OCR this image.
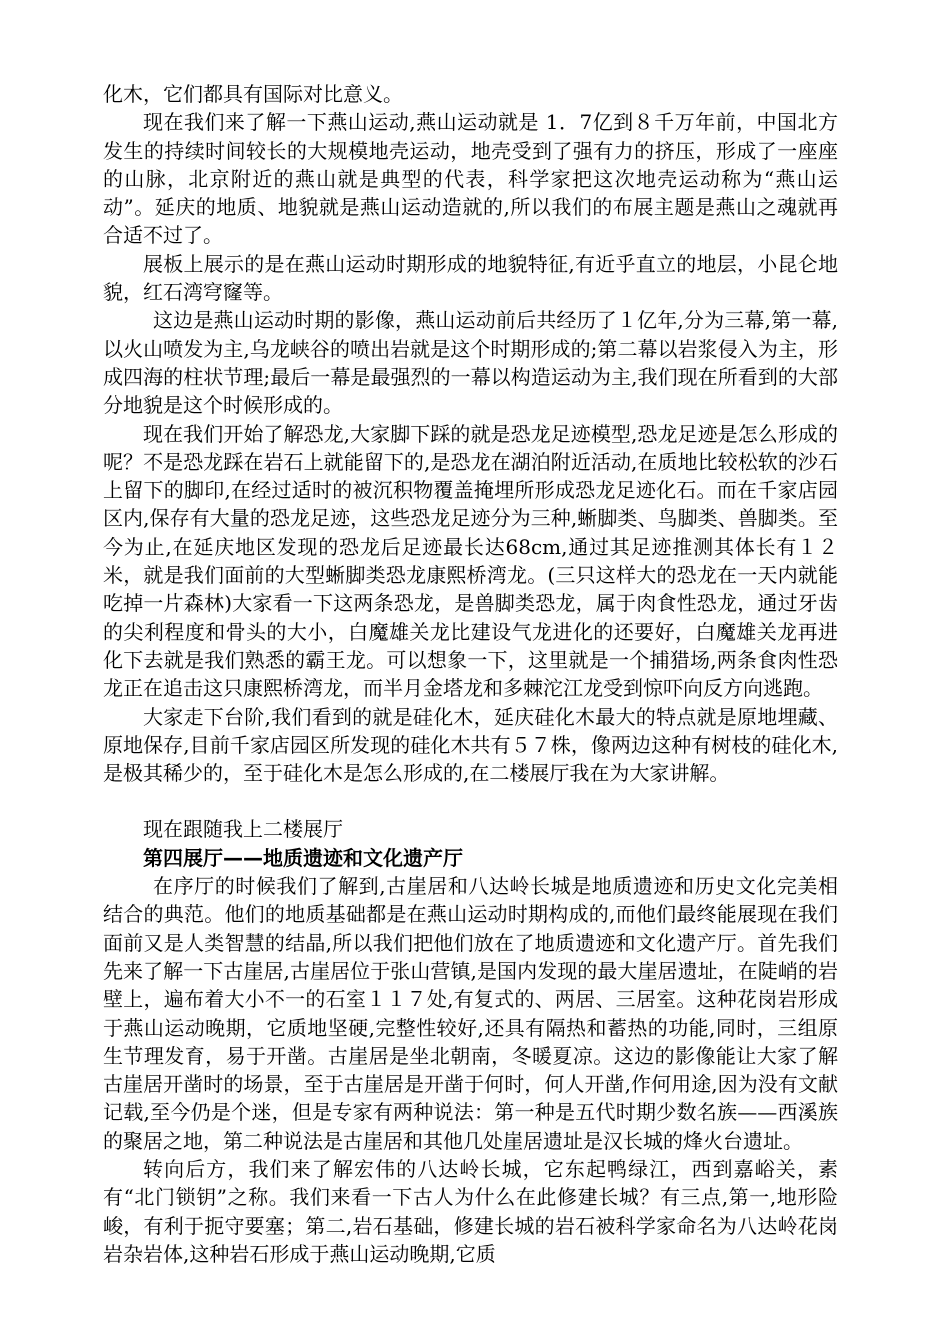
化木，它们都具有国际对比意义。

现在我们来了解一下燕山运动,燕山运动就是 1．7亿到８千万年前，中国北方发生的持续时间较长的大规模地壳运动，地壳受到了强有力的挤压，形成了一座座的山脉，北京附近的燕山就是典型的代表，科学家把这次地壳运动称为“燕山运动”。延庆的地质、地貌就是燕山运动造就的,所以我们的布展主题是燕山之魂就再合适不过了。

展板上展示的是在燕山运动时期形成的地貌特征,有近乎直立的地层，小昆仑地貌，红石湾穹窿等。

这边是燕山运动时期的影像，燕山运动前后共经历了１亿年,分为三幕,第一幕,以火山喷发为主,乌龙峡谷的喷出岩就是这个时期形成的;第二幕以岩浆侵入为主，形成四海的柱状节理;最后一幕是最强烈的一幕以构造运动为主,我们现在所看到的大部分地貌是这个时候形成的。

现在我们开始了解恐龙,大家脚下踩的就是恐龙足迹模型,恐龙足迹是怎么形成的呢？不是恐龙踩在岩石上就能留下的,是恐龙在湖泊附近活动,在质地比较松软的沙石上留下的脚印,在经过适时的被沉积物覆盖掩埋所形成恐龙足迹化石。而在千家店园区内,保存有大量的恐龙足迹，这些恐龙足迹分为三种,蜥脚类、鸟脚类、兽脚类。至今为止,在延庆地区发现的恐龙后足迹最长达68cm,通过其足迹推测其体长有１２米，就是我们面前的大型蜥脚类恐龙康熙桥湾龙。(三只这样大的恐龙在一天内就能吃掉一片森林)大家看一下这两条恐龙，是兽脚类恐龙，属于肉食性恐龙，通过牙齿的尖利程度和骨头的大小，白魔雄关龙比建设气龙进化的还要好，白魔雄关龙再进化下去就是我们熟悉的霸王龙。可以想象一下，这里就是一个捕猎场,两条食肉性恐龙正在追击这只康熙桥湾龙，而半月金塔龙和多棘沱江龙受到惊吓向反方向逃跑。

大家走下台阶,我们看到的就是硅化木，延庆硅化木最大的特点就是原地埋藏、原地保存,目前千家店园区所发现的硅化木共有５７株，像两边这种有树枝的硅化木,是极其稀少的，至于硅化木是怎么形成的,在二楼展厅我在为大家讲解。

现在跟随我上二楼展厅

第四展厅——地质遗迹和文化遗产厅

在序厅的时候我们了解到,古崖居和八达岭长城是地质遗迹和历史文化完美相结合的典范。他们的地质基础都是在燕山运动时期构成的,而他们最终能展现在我们面前又是人类智慧的结晶,所以我们把他们放在了地质遗迹和文化遗产厅。首先我们先来了解一下古崖居,古崖居位于张山营镇,是国内发现的最大崖居遗址，在陡峭的岩壁上，遍布着大小不一的石室１１７处,有复式的、两居、三居室。这种花岗岩形成于燕山运动晚期，它质地坚硬,完整性较好,还具有隔热和蓄热的功能,同时，三组原生节理发育，易于开凿。古崖居是坐北朝南，冬暖夏凉。这边的影像能让大家了解古崖居开凿时的场景，至于古崖居是开凿于何时，何人开凿,作何用途,因为没有文献记载,至今仍是个迷，但是专家有两种说法：第一种是五代时期少数名族——西溪族的聚居之地，第二种说法是古崖居和其他几处崖居遗址是汉长城的烽火台遗址。

转向后方，我们来了解宏伟的八达岭长城，它东起鸭绿江，西到嘉峪关，素有“北门锁钥”之称。我们来看一下古人为什么在此修建长城？有三点,第一,地形险峻，有利于扼守要塞；第二,岩石基础，修建长城的岩石被科学家命名为八达岭花岗岩杂岩体,这种岩石形成于燕山运动晚期,它质
